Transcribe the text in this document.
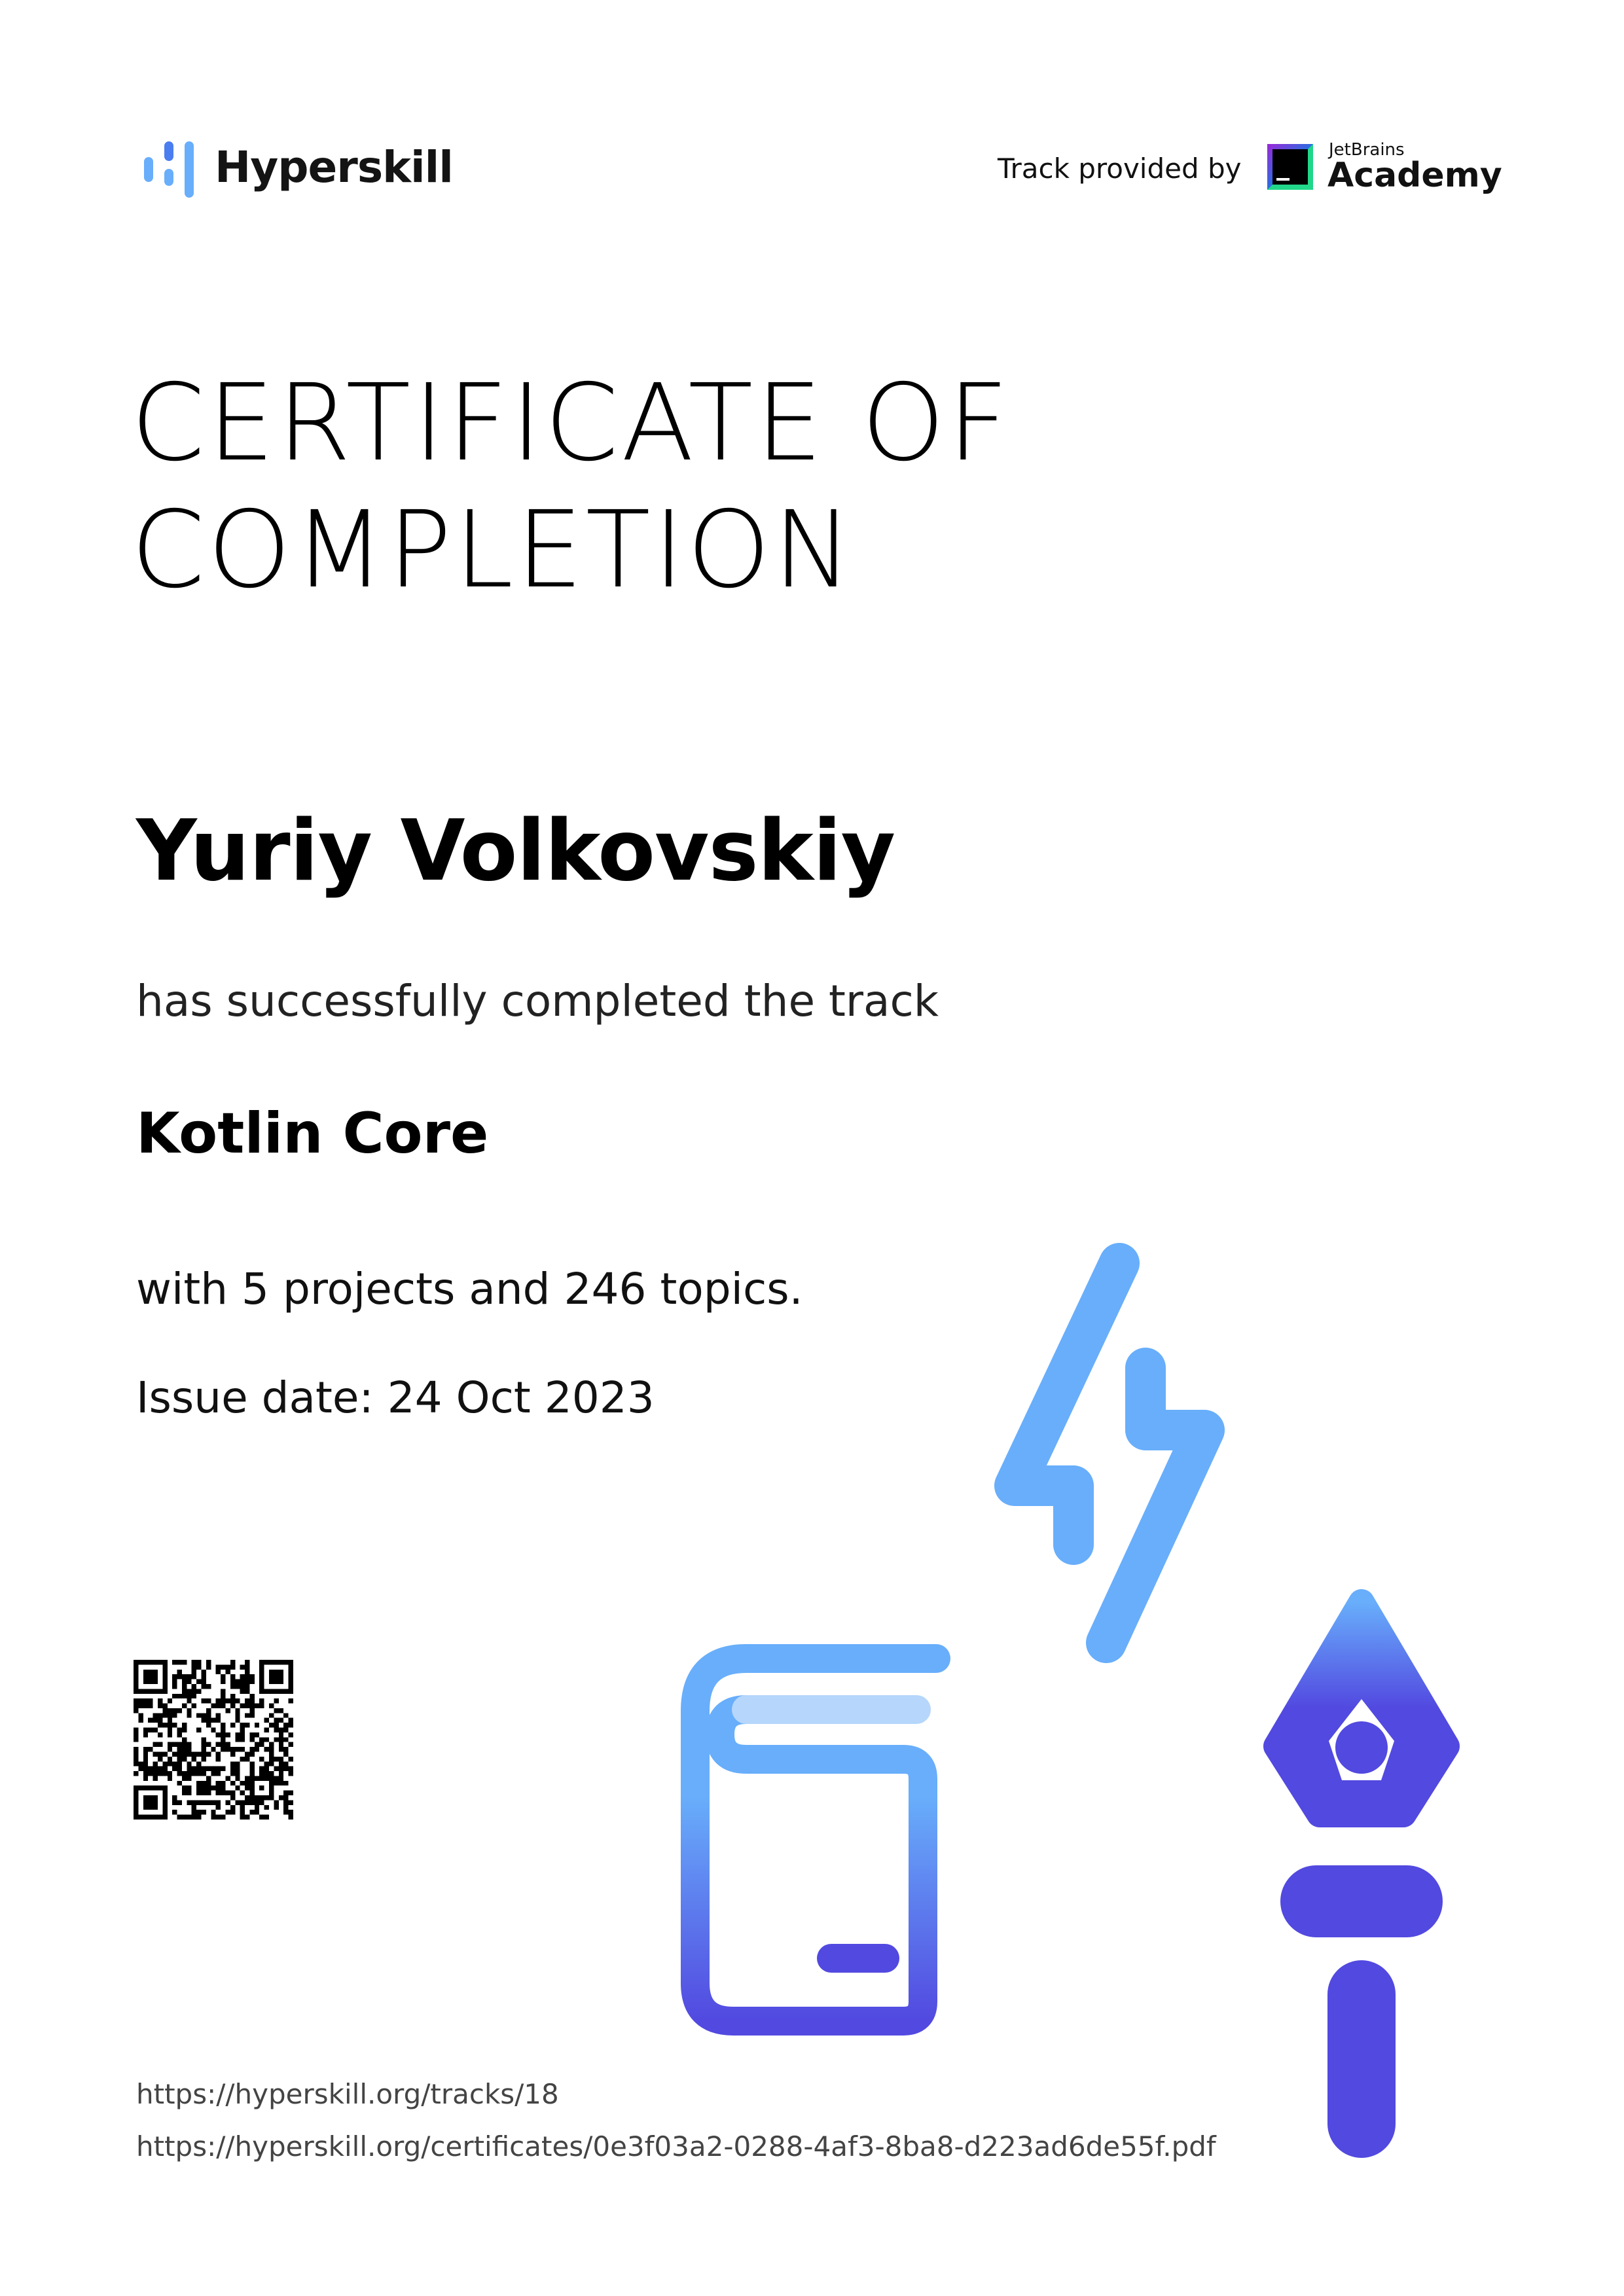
Hyperskill	Track provided by
JetBrains
Academy
CERTIFICATE OF
COMPLETION
Yuriy Volkovskiy
has successfully completed the track
Kotlin Core
with 5 projects and 246 topics.
Issue date: 24 Oct 2023
https://hyperskill.org/tracks/18
https://hyperskill.org/certificates/0e3f03a2-0288-4af3-8ba8-d223ad6de55f.pdf
